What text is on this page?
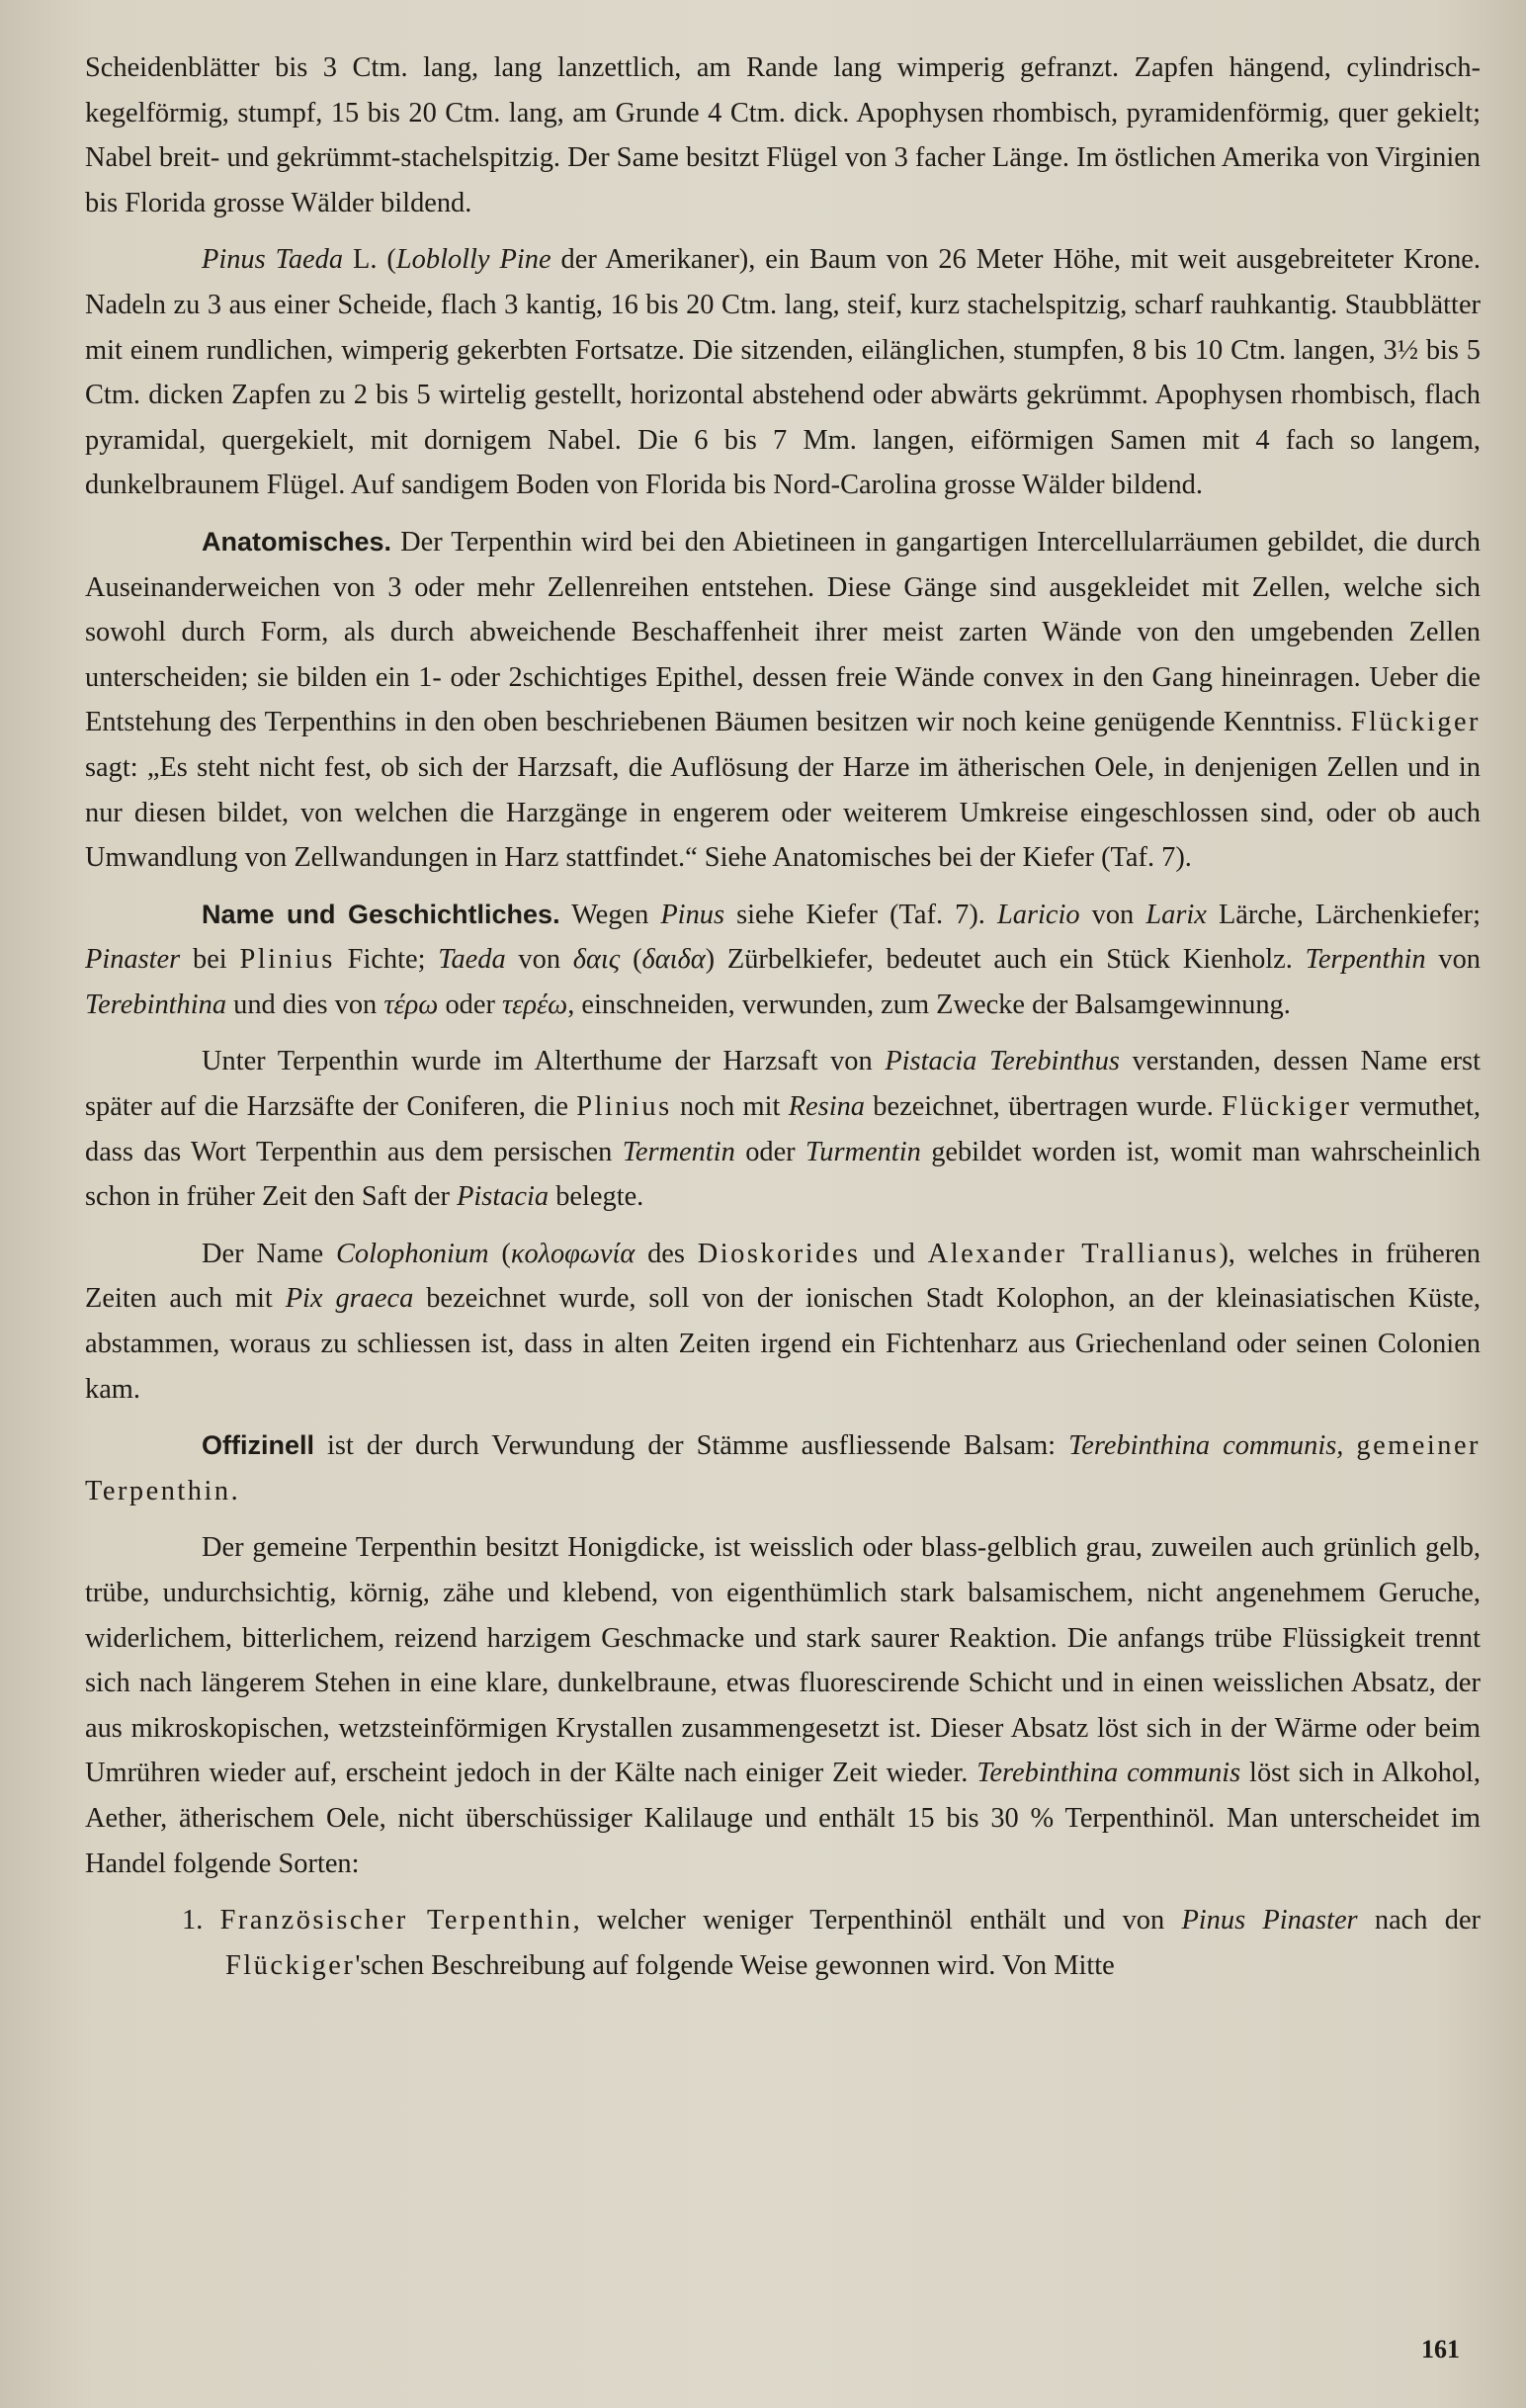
Scheidenblätter bis 3 Ctm. lang, lang lanzettlich, am Rande lang wimperig gefranzt. Zapfen hängend, cylindrisch-kegelförmig, stumpf, 15 bis 20 Ctm. lang, am Grunde 4 Ctm. dick. Apophysen rhombisch, pyramidenförmig, quer gekielt; Nabel breit- und gekrümmt-stachelspitzig. Der Same besitzt Flügel von 3 facher Länge. Im östlichen Amerika von Virginien bis Florida grosse Wälder bildend.

Pinus Taeda L. (Loblolly Pine der Amerikaner), ein Baum von 26 Meter Höhe, mit weit ausgebreiteter Krone. Nadeln zu 3 aus einer Scheide, flach 3 kantig, 16 bis 20 Ctm. lang, steif, kurz stachelspitzig, scharf rauhkantig. Staubblätter mit einem rundlichen, wimperig gekerbten Fortsatze. Die sitzenden, eilänglichen, stumpfen, 8 bis 10 Ctm. langen, 3½ bis 5 Ctm. dicken Zapfen zu 2 bis 5 wirtelig gestellt, horizontal abstehend oder abwärts gekrümmt. Apophysen rhombisch, flach pyramidal, quergekielt, mit dornigem Nabel. Die 6 bis 7 Mm. langen, eiförmigen Samen mit 4 fach so langem, dunkelbraunem Flügel. Auf sandigem Boden von Florida bis Nord-Carolina grosse Wälder bildend.

Anatomisches. Der Terpenthin wird bei den Abietineen in gangartigen Intercellularräumen gebildet, die durch Auseinanderweichen von 3 oder mehr Zellenreihen entstehen. Diese Gänge sind ausgekleidet mit Zellen, welche sich sowohl durch Form, als durch abweichende Beschaffenheit ihrer meist zarten Wände von den umgebenden Zellen unterscheiden; sie bilden ein 1- oder 2schichtiges Epithel, dessen freie Wände convex in den Gang hineinragen. Ueber die Entstehung des Terpenthins in den oben beschriebenen Bäumen besitzen wir noch keine genügende Kenntniss. Flückiger sagt: „Es steht nicht fest, ob sich der Harzsaft, die Auflösung der Harze im ätherischen Oele, in denjenigen Zellen und in nur diesen bildet, von welchen die Harzgänge in engerem oder weiterem Umkreise eingeschlossen sind, oder ob auch Umwandlung von Zellwandungen in Harz stattfindet.“ Siehe Anatomisches bei der Kiefer (Taf. 7).

Name und Geschichtliches. Wegen Pinus siehe Kiefer (Taf. 7). Laricio von Larix Lärche, Lärchenkiefer; Pinaster bei Plinius Fichte; Taeda von δαις (δαιδα) Zürbelkiefer, bedeutet auch ein Stück Kienholz. Terpenthin von Terebinthina und dies von τέρω oder τερέω, einschneiden, verwunden, zum Zwecke der Balsamgewinnung.

Unter Terpenthin wurde im Alterthume der Harzsaft von Pistacia Terebinthus verstanden, dessen Name erst später auf die Harzsäfte der Coniferen, die Plinius noch mit Resina bezeichnet, übertragen wurde. Flückiger vermuthet, dass das Wort Terpenthin aus dem persischen Termentin oder Turmentin gebildet worden ist, womit man wahrscheinlich schon in früher Zeit den Saft der Pistacia belegte.

Der Name Colophonium (κολοφωνία des Dioskorides und Alexander Trallianus), welches in früheren Zeiten auch mit Pix graeca bezeichnet wurde, soll von der ionischen Stadt Kolophon, an der kleinasiatischen Küste, abstammen, woraus zu schliessen ist, dass in alten Zeiten irgend ein Fichtenharz aus Griechenland oder seinen Colonien kam.

Offizinell ist der durch Verwundung der Stämme ausfliessende Balsam: Terebinthina communis, gemeiner Terpenthin.

Der gemeine Terpenthin besitzt Honigdicke, ist weisslich oder blass-gelblich grau, zuweilen auch grünlich gelb, trübe, undurchsichtig, körnig, zähe und klebend, von eigenthümlich stark balsamischem, nicht angenehmem Geruche, widerlichem, bitterlichem, reizend harzigem Geschmacke und stark saurer Reaktion. Die anfangs trübe Flüssigkeit trennt sich nach längerem Stehen in eine klare, dunkelbraune, etwas fluorescirende Schicht und in einen weisslichen Absatz, der aus mikroskopischen, wetzsteinförmigen Krystallen zusammengesetzt ist. Dieser Absatz löst sich in der Wärme oder beim Umrühren wieder auf, erscheint jedoch in der Kälte nach einiger Zeit wieder. Terebinthina communis löst sich in Alkohol, Aether, ätherischem Oele, nicht überschüssiger Kalilauge und enthält 15 bis 30 % Terpenthinöl. Man unterscheidet im Handel folgende Sorten:

1. Französischer Terpenthin, welcher weniger Terpenthinöl enthält und von Pinus Pinaster nach der Flückiger'schen Beschreibung auf folgende Weise gewonnen wird. Von Mitte

161
